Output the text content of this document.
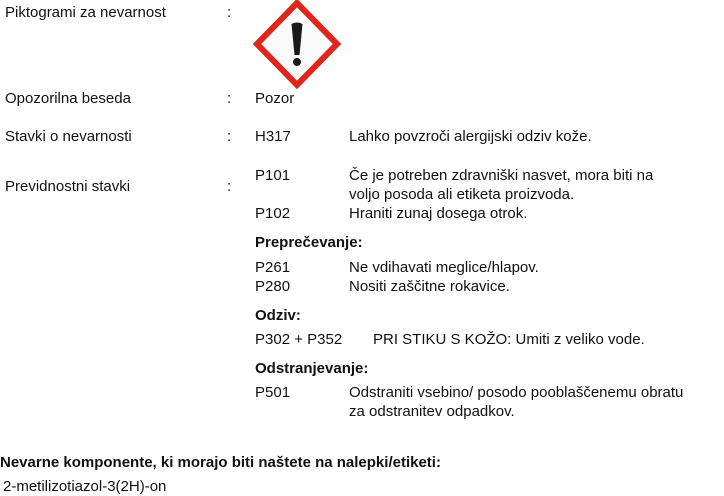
Piktogrami za nevarnost	:
Opozorilna beseda	: Pozor
Stavki o nevarnosti	: H317	Lahko povzroči alergijski odziv kože.
Previdnostni stavki	:
P101	Če je potreben zdravniški nasvet, mora biti na
voljo posoda ali etiketa proizvoda.
P102	Hraniti zunaj dosega otrok.
Preprečevanje:
P261	Ne vdihavati meglice/hlapov.
P280	Nositi zaščitne rokavice.
Odziv:
P302 + P352 PRI STIKU S KOŽO: Umiti z veliko vode.
Odstranjevanje:
P501	Odstraniti vsebino/ posodo pooblaščenemu obratu
za odstranitev odpadkov.
Nevarne komponente, ki morajo biti naštete na nalepki/etiketi:
2-metilizotiazol-3(2H)-on
